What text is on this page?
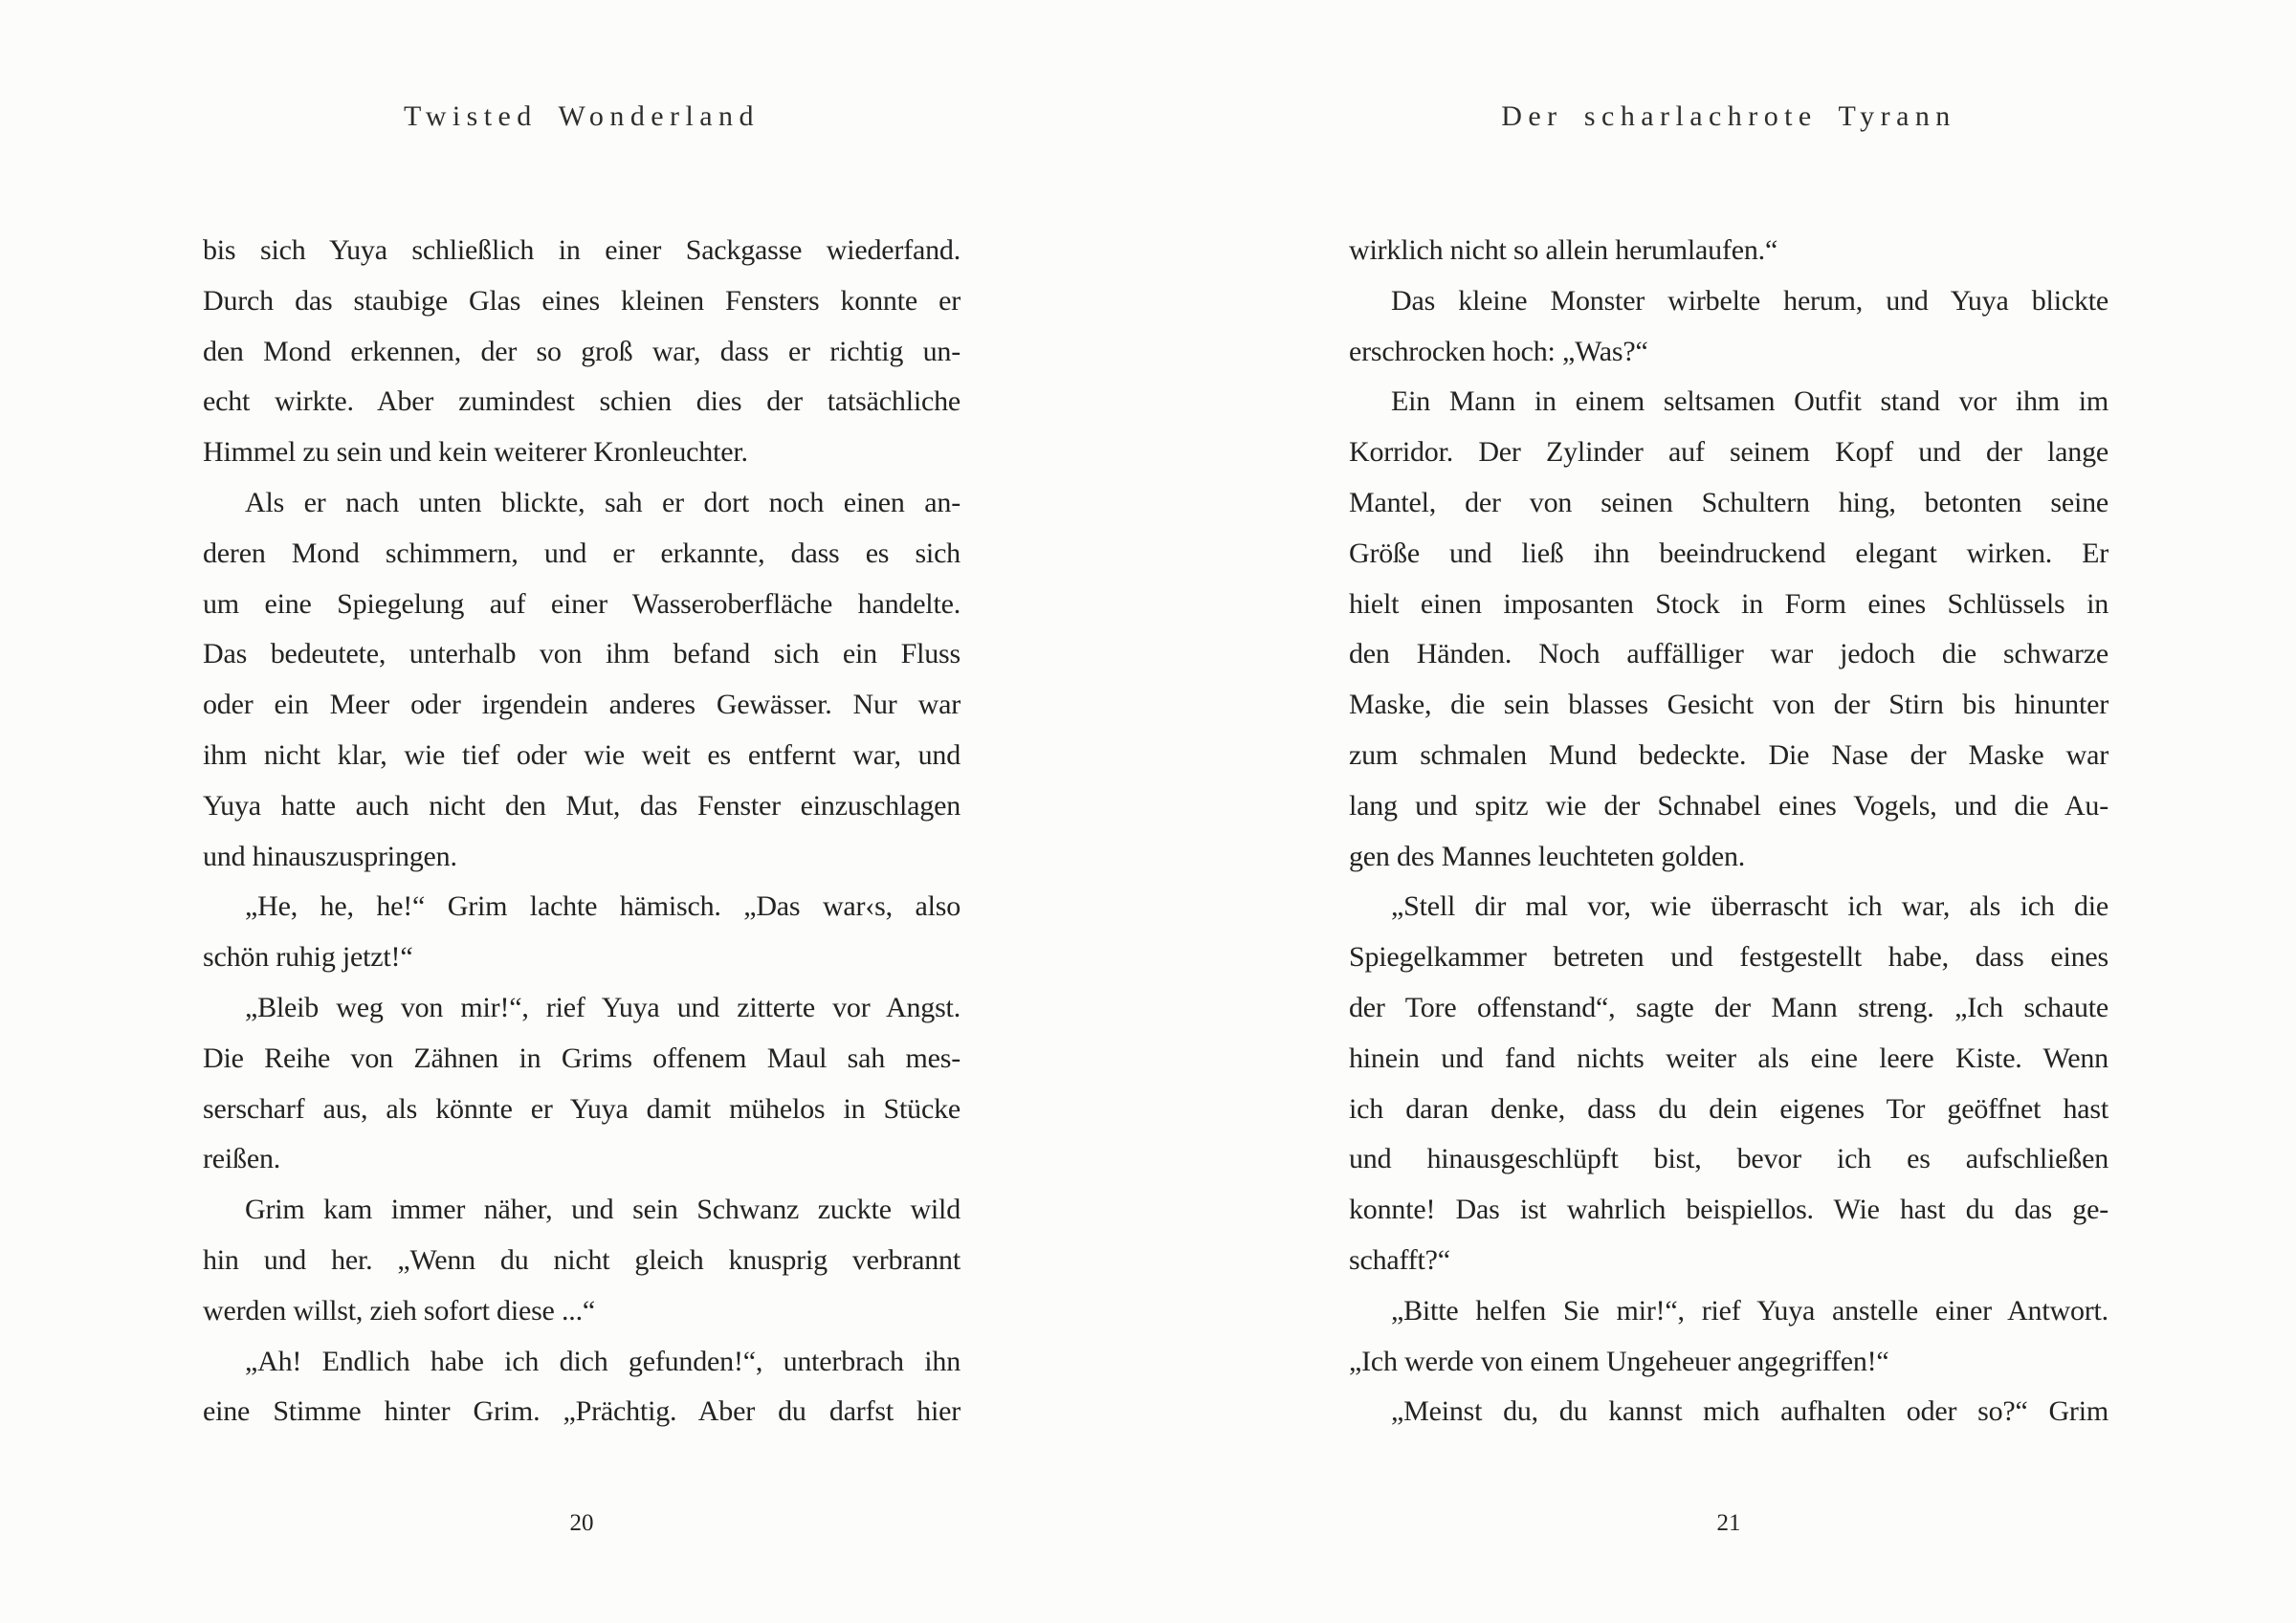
Twisted Wonderland
bis sich Yuya schließlich in einer Sackgasse wiederfand.
Durch das staubige Glas eines kleinen Fensters konnte er
den Mond erkennen, der so groß war, dass er richtig un-
echt wirkte. Aber zumindest schien dies der tatsächliche
Himmel zu sein und kein weiterer Kronleuchter.
Als er nach unten blickte, sah er dort noch einen an-
deren Mond schimmern, und er erkannte, dass es sich
um eine Spiegelung auf einer Wasseroberfläche handelte.
Das bedeutete, unterhalb von ihm befand sich ein Fluss
oder ein Meer oder irgendein anderes Gewässer. Nur war
ihm nicht klar, wie tief oder wie weit es entfernt war, und
Yuya hatte auch nicht den Mut, das Fenster einzuschlagen
und hinauszuspringen.
„He, he, he!“ Grim lachte hämisch. „Das war‹s, also
schön ruhig jetzt!“
„Bleib weg von mir!“, rief Yuya und zitterte vor Angst.
Die Reihe von Zähnen in Grims offenem Maul sah mes-
serscharf aus, als könnte er Yuya damit mühelos in Stücke
reißen.
Grim kam immer näher, und sein Schwanz zuckte wild
hin und her. „Wenn du nicht gleich knusprig verbrannt
werden willst, zieh sofort diese ...“
„Ah! Endlich habe ich dich gefunden!“, unterbrach ihn
eine Stimme hinter Grim. „Prächtig. Aber du darfst hier
20
Der scharlachrote Tyrann
wirklich nicht so allein herumlaufen.“
Das kleine Monster wirbelte herum, und Yuya blickte
erschrocken hoch: „Was?“
Ein Mann in einem seltsamen Outfit stand vor ihm im
Korridor. Der Zylinder auf seinem Kopf und der lange
Mantel, der von seinen Schultern hing, betonten seine
Größe und ließ ihn beeindruckend elegant wirken. Er
hielt einen imposanten Stock in Form eines Schlüssels in
den Händen. Noch auffälliger war jedoch die schwarze
Maske, die sein blasses Gesicht von der Stirn bis hinunter
zum schmalen Mund bedeckte. Die Nase der Maske war
lang und spitz wie der Schnabel eines Vogels, und die Au-
gen des Mannes leuchteten golden.
„Stell dir mal vor, wie überrascht ich war, als ich die
Spiegelkammer betreten und festgestellt habe, dass eines
der Tore offenstand“, sagte der Mann streng. „Ich schaute
hinein und fand nichts weiter als eine leere Kiste. Wenn
ich daran denke, dass du dein eigenes Tor geöffnet hast
und hinausgeschlüpft bist, bevor ich es aufschließen
konnte! Das ist wahrlich beispiellos. Wie hast du das ge-
schafft?“
„Bitte helfen Sie mir!“, rief Yuya anstelle einer Antwort.
„Ich werde von einem Ungeheuer angegriffen!“
„Meinst du, du kannst mich aufhalten oder so?“ Grim
21
